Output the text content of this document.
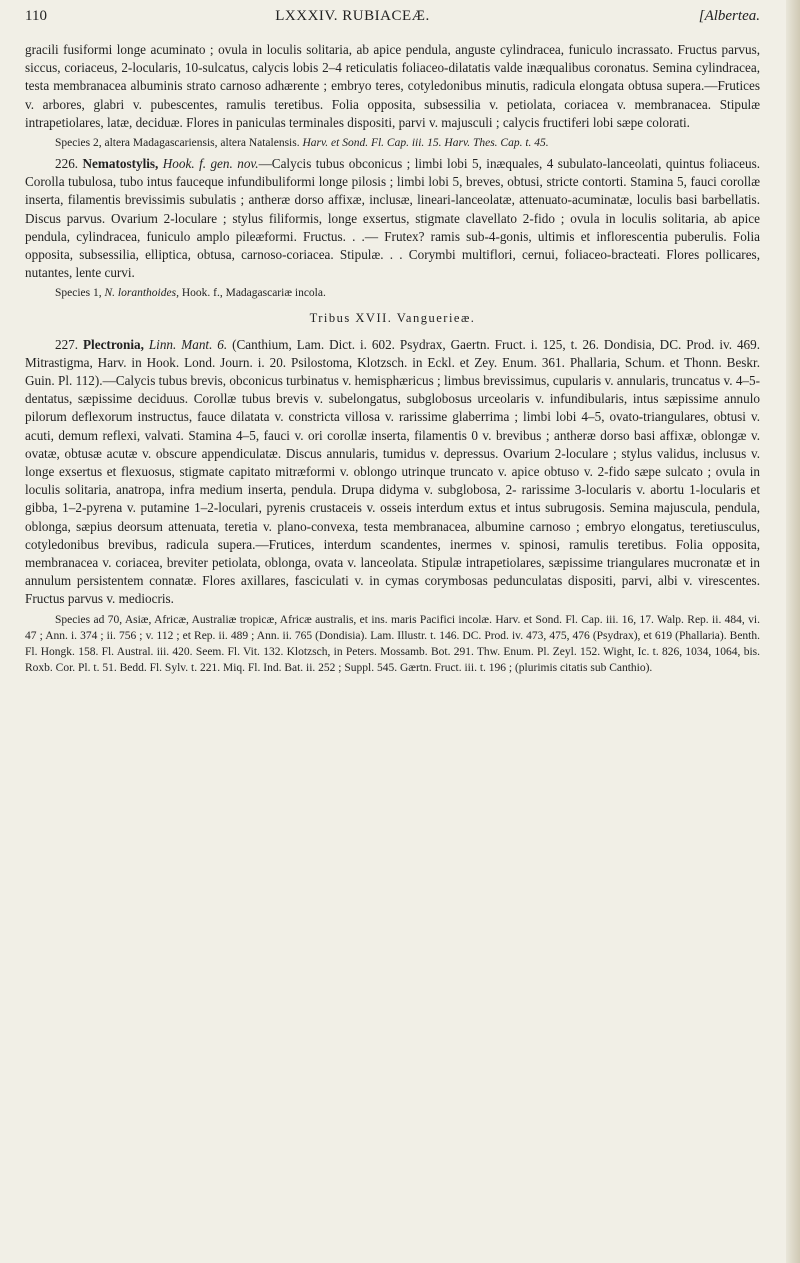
110	LXXXIV. RUBIACEÆ.	[Albertea.

gracili fusiformi longe acuminato ; ovula in loculis solitaria, ab apice pendula, anguste cylindracea, funiculo incrassato. Fructus parvus, siccus, coriaceus, 2-locularis, 10-sulcatus, calycis lobis 2–4 reticulatis foliaceo-dilatatis valde inæqualibus coronatus. Semina cylindracea, testa membranacea albuminis strato carnoso adhærente ; embryo teres, cotyledonibus minutis, radicula elongata obtusa supera.—Frutices v. arbores, glabri v. pubescentes, ramulis teretibus. Folia opposita, subsessilia v. petiolata, coriacea v. membranacea. Stipulæ intrapetiolares, latæ, deciduæ. Flores in paniculas terminales dispositi, parvi v. majusculi ; calycis fructiferi lobi sæpe colorati.

Species 2, altera Madagascariensis, altera Natalensis. Harv. et Sond. Fl. Cap. iii. 15. Harv. Thes. Cap. t. 45.

226. Nematostylis, Hook. f. gen. nov.—Calycis tubus obconicus ; limbi lobi 5, inæquales, 4 subulato-lanceolati, quintus foliaceus. Corolla tubulosa, tubo intus fauceque infundibuliformi longe pilosis ; limbi lobi 5, breves, obtusi, stricte contorti. Stamina 5, fauci corollæ inserta, filamentis brevissimis subulatis ; antheræ dorso affixæ, inclusæ, lineari-lanceolatæ, attenuato-acuminatæ, loculis basi barbellatis. Discus parvus. Ovarium 2-loculare ; stylus filiformis, longe exsertus, stigmate clavellato 2-fido ; ovula in loculis solitaria, ab apice pendula, cylindracea, funiculo amplo pileæformi. Fructus. . .— Frutex? ramis sub-4-gonis, ultimis et inflorescentia puberulis. Folia opposita, subsessilia, elliptica, obtusa, carnoso-coriacea. Stipulæ. . . Corymbi multiflori, cernui, foliaceo-bracteati. Flores pollicares, nutantes, lente curvi.

Species 1, N. loranthoides, Hook. f., Madagascariæ incola.

Tribus XVII. Vanguerieæ.

227. Plectronia, Linn. Mant. 6. (Canthium, Lam. Dict. i. 602. Psydrax, Gaertn. Fruct. i. 125, t. 26. Dondisia, DC. Prod. iv. 469. Mitrastigma, Harv. in Hook. Lond. Journ. i. 20. Psilostoma, Klotzsch. in Eckl. et Zey. Enum. 361. Phallaria, Schum. et Thonn. Beskr. Guin. Pl. 112).—Calycis tubus brevis, obconicus turbinatus v. hemisphæricus ; limbus brevissimus, cupularis v. annularis, truncatus v. 4–5-dentatus, sæpissime deciduus. Corollæ tubus brevis v. subelongatus, subglobosus urceolaris v. infundibularis, intus sæpissime annulo pilorum deflexorum instructus, fauce dilatata v. constricta villosa v. rarissime glaberrima ; limbi lobi 4–5, ovato-triangulares, obtusi v. acuti, demum reflexi, valvati. Stamina 4–5, fauci v. ori corollæ inserta, filamentis 0 v. brevibus ; antheræ dorso basi affixæ, oblongæ v. ovatæ, obtusæ acutæ v. obscure appendiculatæ. Discus annularis, tumidus v. depressus. Ovarium 2-loculare ; stylus validus, inclusus v. longe exsertus et flexuosus, stigmate capitato mitræformi v. oblongo utrinque truncato v. apice obtuso v. 2-fido sæpe sulcato ; ovula in loculis solitaria, anatropa, infra medium inserta, pendula. Drupa didyma v. subglobosa, 2- rarissime 3-locularis v. abortu 1-locularis et gibba, 1–2-pyrena v. putamine 1–2-loculari, pyrenis crustaceis v. osseis interdum extus et intus subrugosis. Semina majuscula, pendula, oblonga, sæpius deorsum attenuata, teretia v. plano-convexa, testa membranacea, albumine carnoso ; embryo elongatus, teretiusculus, cotyledonibus brevibus, radicula supera.—Frutices, interdum scandentes, inermes v. spinosi, ramulis teretibus. Folia opposita, membranacea v. coriacea, breviter petiolata, oblonga, ovata v. lanceolata. Stipulæ intrapetiolares, sæpissime triangulares mucronatæ et in annulum persistentem connatæ. Flores axillares, fasciculati v. in cymas corymbosas pedunculatas dispositi, parvi, albi v. virescentes. Fructus parvus v. mediocris.

Species ad 70, Asiæ, Africæ, Australiæ tropicæ, Africæ australis, et ins. maris Pacifici incolæ. Harv. et Sond. Fl. Cap. iii. 16, 17. Walp. Rep. ii. 484, vi. 47 ; Ann. i. 374 ; ii. 756 ; v. 112 ; et Rep. ii. 489 ; Ann. ii. 765 (Dondisia). Lam. Illustr. t. 146. DC. Prod. iv. 473, 475, 476 (Psydrax), et 619 (Phallaria). Benth. Fl. Hongk. 158. Fl. Austral. iii. 420. Seem. Fl. Vit. 132. Klotzsch, in Peters. Mossamb. Bot. 291. Thw. Enum. Pl. Zeyl. 152. Wight, Ic. t. 826, 1034, 1064, bis. Roxb. Cor. Pl. t. 51. Bedd. Fl. Sylv. t. 221. Miq. Fl. Ind. Bat. ii. 252 ; Suppl. 545. Gærtn. Fruct. iii. t. 196 ; (plurimis citatis sub Canthio).
